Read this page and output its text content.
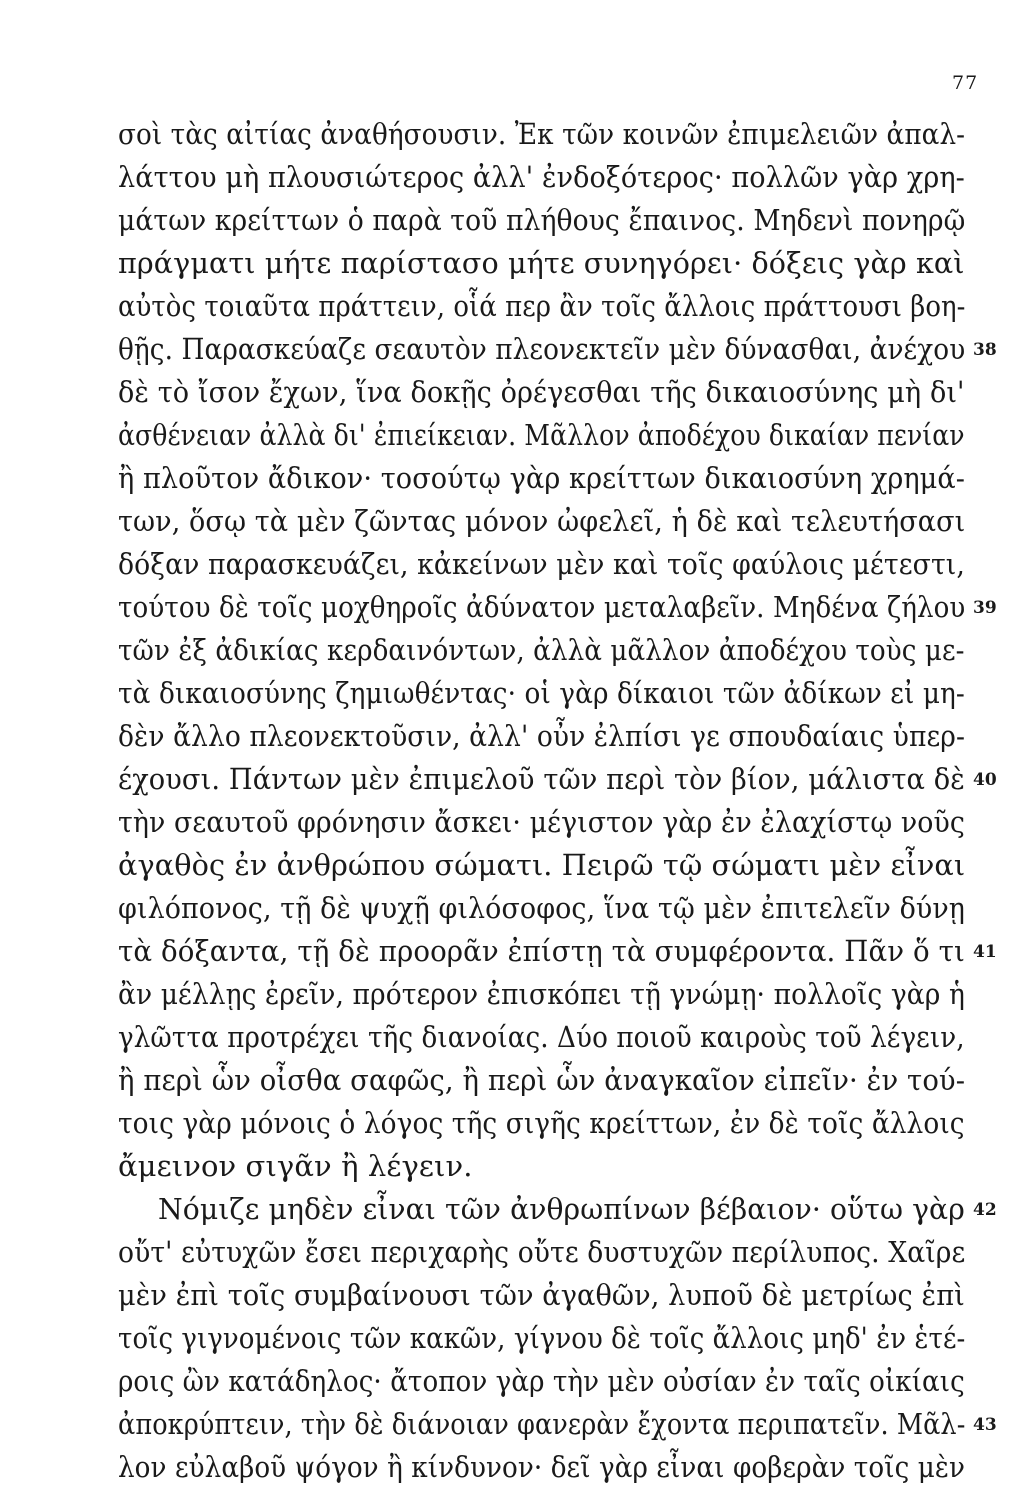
77
σοὶ τὰς αἰτίας ἀναθήσουσιν. Ἐκ τῶν κοινῶν ἐπιμελειῶν ἀπαλ-
λάττου μὴ πλουσιώτερος ἀλλ' ἐνδοξότερος· πολλῶν γὰρ χρη-
μάτων κρείττων ὁ παρὰ τοῦ πλήθους ἔπαινος. Μηδενὶ πονηρῷ
πράγματι μήτε παρίστασο μήτε συνηγόρει· δόξεις γὰρ καὶ
αὐτὸς τοιαῦτα πράττειν, οἷά περ ἂν τοῖς ἄλλοις πράττουσι βοη-
θῇς. Παρασκεύαζε σεαυτὸν πλεονεκτεῖν μὲν δύνασθαι, ἀνέχου
δὲ τὸ ἴσον ἔχων, ἵνα δοκῇς ὀρέγεσθαι τῆς δικαιοσύνης μὴ δι'
ἀσθένειαν ἀλλὰ δι' ἐπιείκειαν. Μᾶλλον ἀποδέχου δικαίαν πενίαν
ἢ πλοῦτον ἄδικον· τοσούτῳ γὰρ κρείττων δικαιοσύνη χρημά-
των, ὅσῳ τὰ μὲν ζῶντας μόνον ὠφελεῖ, ἡ δὲ καὶ τελευτήσασι
δόξαν παρασκευάζει, κἀκείνων μὲν καὶ τοῖς φαύλοις μέτεστι,
τούτου δὲ τοῖς μοχθηροῖς ἀδύνατον μεταλαβεῖν. Μηδένα ζήλου
τῶν ἐξ ἀδικίας κερδαινόντων, ἀλλὰ μᾶλλον ἀποδέχου τοὺς με-
τὰ δικαιοσύνης ζημιωθέντας· οἱ γὰρ δίκαιοι τῶν ἀδίκων εἰ μη-
δὲν ἄλλο πλεονεκτοῦσιν, ἀλλ' οὖν ἐλπίσι γε σπουδαίαις ὑπερ-
έχουσι. Πάντων μὲν ἐπιμελοῦ τῶν περὶ τὸν βίον, μάλιστα δὲ
τὴν σεαυτοῦ φρόνησιν ἄσκει· μέγιστον γὰρ ἐν ἐλαχίστῳ νοῦς
ἀγαθὸς ἐν ἀνθρώπου σώματι. Πειρῶ τῷ σώματι μὲν εἶναι
φιλόπονος, τῇ δὲ ψυχῇ φιλόσοφος, ἵνα τῷ μὲν ἐπιτελεῖν δύνῃ
τὰ δόξαντα, τῇ δὲ προορᾶν ἐπίστῃ τὰ συμφέροντα. Πᾶν ὅ τι
ἂν μέλλῃς ἐρεῖν, πρότερον ἐπισκόπει τῇ γνώμῃ· πολλοῖς γὰρ ἡ
γλῶττα προτρέχει τῆς διανοίας. Δύο ποιοῦ καιροὺς τοῦ λέγειν,
ἢ περὶ ὧν οἶσθα σαφῶς, ἢ περὶ ὧν ἀναγκαῖον εἰπεῖν· ἐν τού-
τοις γὰρ μόνοις ὁ λόγος τῆς σιγῆς κρείττων, ἐν δὲ τοῖς ἄλλοις
ἄμεινον σιγᾶν ἢ λέγειν.
Νόμιζε μηδὲν εἶναι τῶν ἀνθρωπίνων βέβαιον· οὕτω γὰρ
οὔτ' εὐτυχῶν ἔσει περιχαρὴς οὔτε δυστυχῶν περίλυπος. Χαῖρε
μὲν ἐπὶ τοῖς συμβαίνουσι τῶν ἀγαθῶν, λυποῦ δὲ μετρίως ἐπὶ
τοῖς γιγνομένοις τῶν κακῶν, γίγνου δὲ τοῖς ἄλλοις μηδ' ἐν ἑτέ-
ροις ὢν κατάδηλος· ἄτοπον γὰρ τὴν μὲν οὐσίαν ἐν ταῖς οἰκίαις
ἀποκρύπτειν, τὴν δὲ διάνοιαν φανερὰν ἔχοντα περιπατεῖν. Μᾶλ-
λον εὐλαβοῦ ψόγον ἢ κίνδυνον· δεῖ γὰρ εἶναι φοβερὰν τοῖς μὲν
38
39
40
41
42
43
